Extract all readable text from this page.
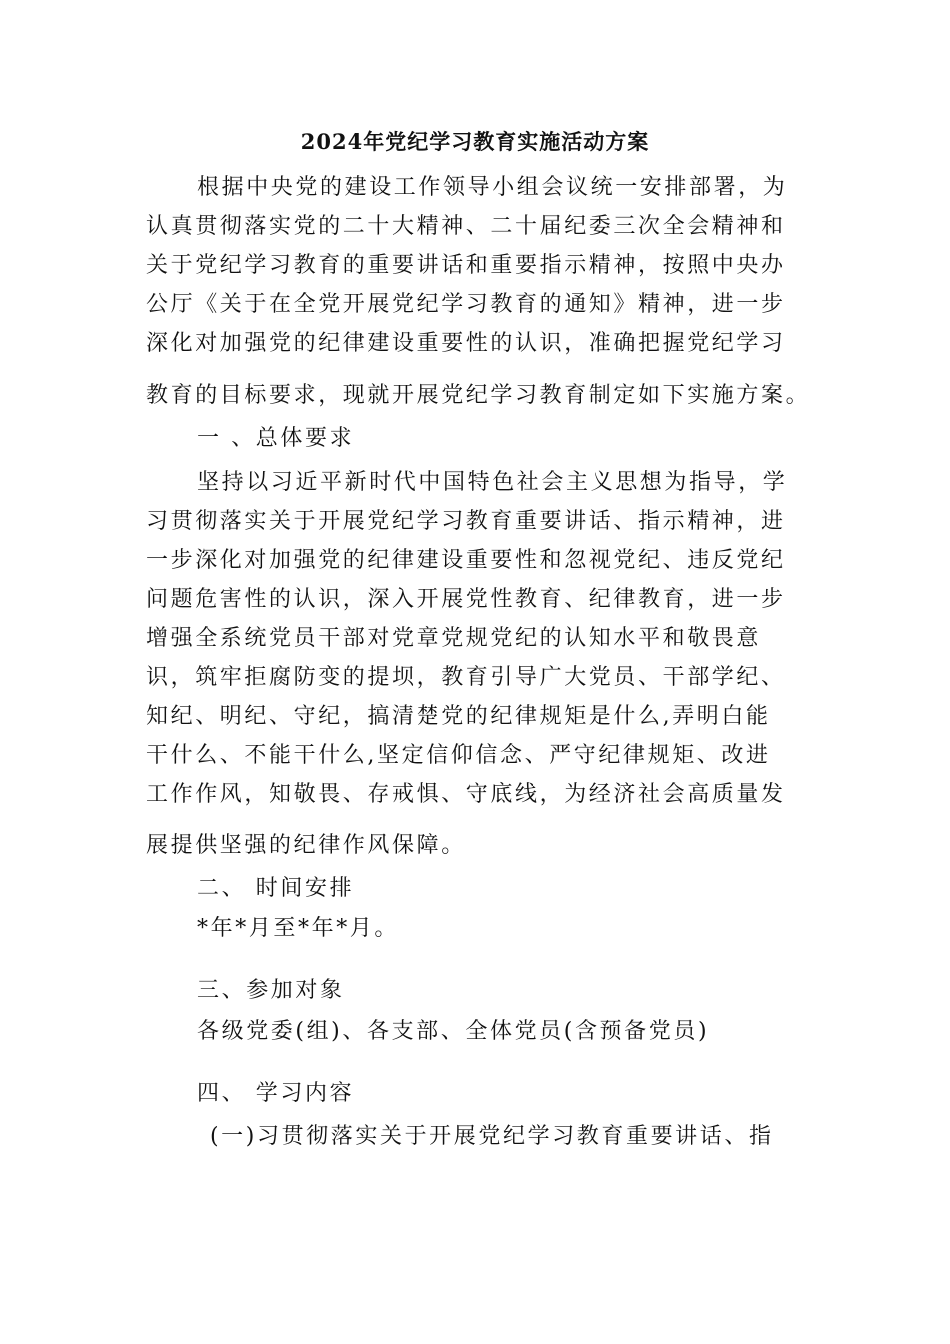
2024年党纪学习教育实施活动方案
根据中央党的建设工作领导小组会议统一安排部署，为
认真贯彻落实党的二十大精神、二十届纪委三次全会精神和
关于党纪学习教育的重要讲话和重要指示精神，按照中央办
公厅《关于在全党开展党纪学习教育的通知》精神，进一步
深化对加强党的纪律建设重要性的认识，准确把握党纪学习
教育的目标要求，现就开展党纪学习教育制定如下实施方案。
一 、总体要求
坚持以习近平新时代中国特色社会主义思想为指导，学
习贯彻落实关于开展党纪学习教育重要讲话、指示精神，进
一步深化对加强党的纪律建设重要性和忽视党纪、违反党纪
问题危害性的认识，深入开展党性教育、纪律教育，进一步
增强全系统党员干部对党章党规党纪的认知水平和敬畏意
识，筑牢拒腐防变的提坝，教育引导广大党员、干部学纪、
知纪、明纪、守纪，搞清楚党的纪律规矩是什么,弄明白能
干什么、不能干什么,坚定信仰信念、严守纪律规矩、改进
工作作风，知敬畏、存戒惧、守底线，为经济社会高质量发
展提供坚强的纪律作风保障。
二、 时间安排
*年*月至*年*月。
三、参加对象
各级党委(组)、各支部、全体党员(含预备党员)
四、 学习内容
(一)习贯彻落实关于开展党纪学习教育重要讲话、指
